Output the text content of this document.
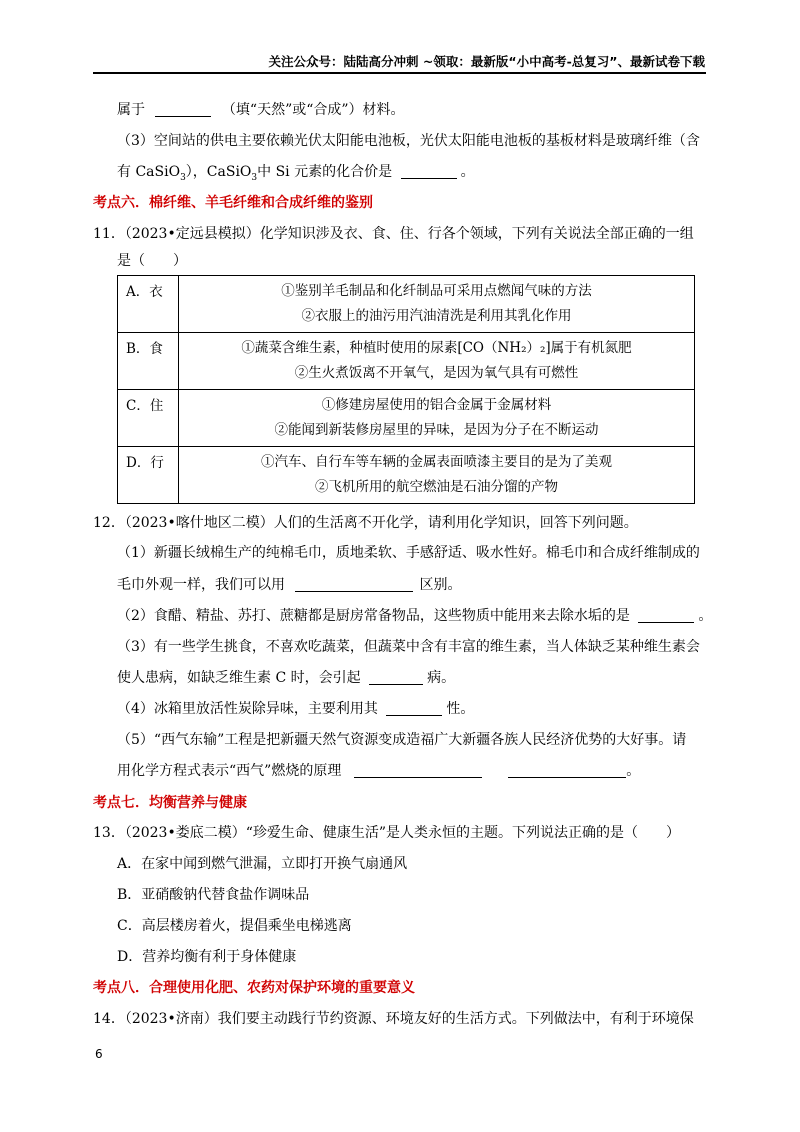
关注公众号：陆陆高分冲刺 ~领取：最新版“小中高考-总复习”、最新试卷下载
属于	（填“天然”或“合成”）材料。
（3）空间站的供电主要依赖光伏太阳能电池板，光伏太阳能电池板的基板材料是玻璃纤维（含
有 CaSiO$_3$），CaSiO$_3$中 Si 元素的化合价是	。
考点六．棉纤维、羊毛纤维和合成纤维的鉴别
11．（2023•定远县模拟）化学知识涉及衣、食、住、行各个领域，下列有关说法全部正确的一组
是（　　）
A．衣	①鉴别羊毛制品和化纤制品可采用点燃闻气味的方法
②衣服上的油污用汽油清洗是利用其乳化作用

B．食	①蔬菜含维生素，种植时使用的尿素[CO（NH₂）₂]属于有机氮肥
②生火煮饭离不开氧气，是因为氧气具有可燃性

C．住	①修建房屋使用的铝合金属于金属材料
②能闻到新装修房屋里的异味，是因为分子在不断运动

D．行	①汽车、自行车等车辆的金属表面喷漆主要目的是为了美观
②飞机所用的航空燃油是石油分馏的产物
12．（2023•喀什地区二模）人们的生活离不开化学，请利用化学知识，回答下列问题。
（1）新疆长绒棉生产的纯棉毛巾，质地柔软、手感舒适、吸水性好。棉毛巾和合成纤维制成的
毛巾外观一样，我们可以用	区别。
（2）食醋、精盐、苏打、蔗糖都是厨房常备物品，这些物质中能用来去除水垢的是	。
（3）有一些学生挑食，不喜欢吃蔬菜，但蔬菜中含有丰富的维生素，当人体缺乏某种维生素会
使人患病，如缺乏维生素 C 时，会引起	病。
（4）冰箱里放活性炭除异味，主要利用其	性。
（5）“西气东输”工程是把新疆天然气资源变成造福广大新疆各族人民经济优势的大好事。请
用化学方程式表示“西气”燃烧的原理	。
考点七．均衡营养与健康
13．（2023•娄底二模）“珍爱生命、健康生活”是人类永恒的主题。下列说法正确的是（　　）
A．在家中闻到燃气泄漏，立即打开换气扇通风
B．亚硝酸钠代替食盐作调味品
C．高层楼房着火，提倡乘坐电梯逃离
D．营养均衡有利于身体健康
考点八．合理使用化肥、农药对保护环境的重要意义
14．（2023•济南）我们要主动践行节约资源、环境友好的生活方式。下列做法中，有利于环境保
6
